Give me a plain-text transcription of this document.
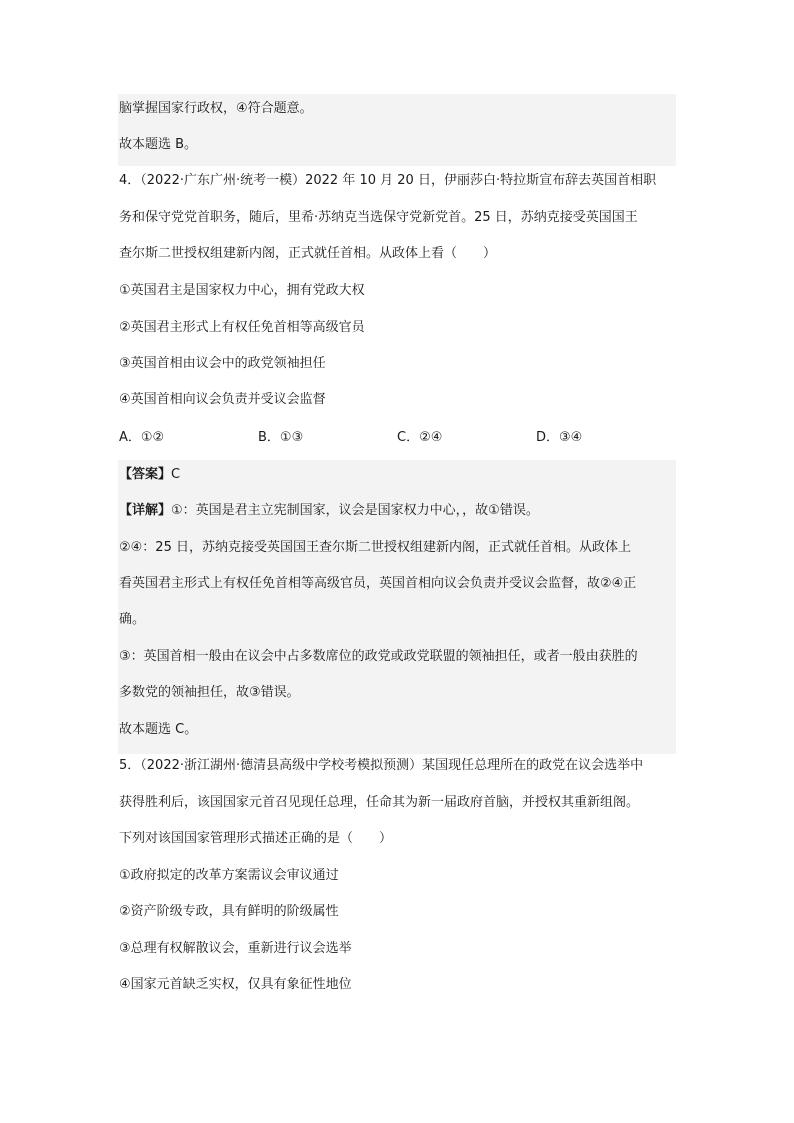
脑掌握国家行政权，④符合题意。
故本题选 B。
4．（2022·广东广州·统考一模）2022 年 10 月 20 日，伊丽莎白·特拉斯宣布辞去英国首相职
务和保守党党首职务，随后，里希·苏纳克当选保守党新党首。25 日，苏纳克接受英国国王
查尔斯二世授权组建新内阁，正式就任首相。从政体上看（　　）
①英国君主是国家权力中心，拥有党政大权
②英国君主形式上有权任免首相等高级官员
③英国首相由议会中的政党领袖担任
④英国首相向议会负责并受议会监督
A．①②	B．①③	C．②④	D．③④
【答案】C
【详解】①：英国是君主立宪制国家，议会是国家权力中心，，故①错误。
②④：25 日，苏纳克接受英国国王查尔斯二世授权组建新内阁，正式就任首相。从政体上
看英国君主形式上有权任免首相等高级官员，英国首相向议会负责并受议会监督，故②④正
确。
③：英国首相一般由在议会中占多数席位的政党或政党联盟的领袖担任，或者一般由获胜的
多数党的领袖担任，故③错误。
故本题选 C。
5．（2022·浙江湖州·德清县高级中学校考模拟预测）某国现任总理所在的政党在议会选举中
获得胜利后，该国国家元首召见现任总理，任命其为新一届政府首脑，并授权其重新组阁。
下列对该国国家管理形式描述正确的是（　　）
①政府拟定的改革方案需议会审议通过
②资产阶级专政，具有鲜明的阶级属性
③总理有权解散议会，重新进行议会选举
④国家元首缺乏实权，仅具有象征性地位
